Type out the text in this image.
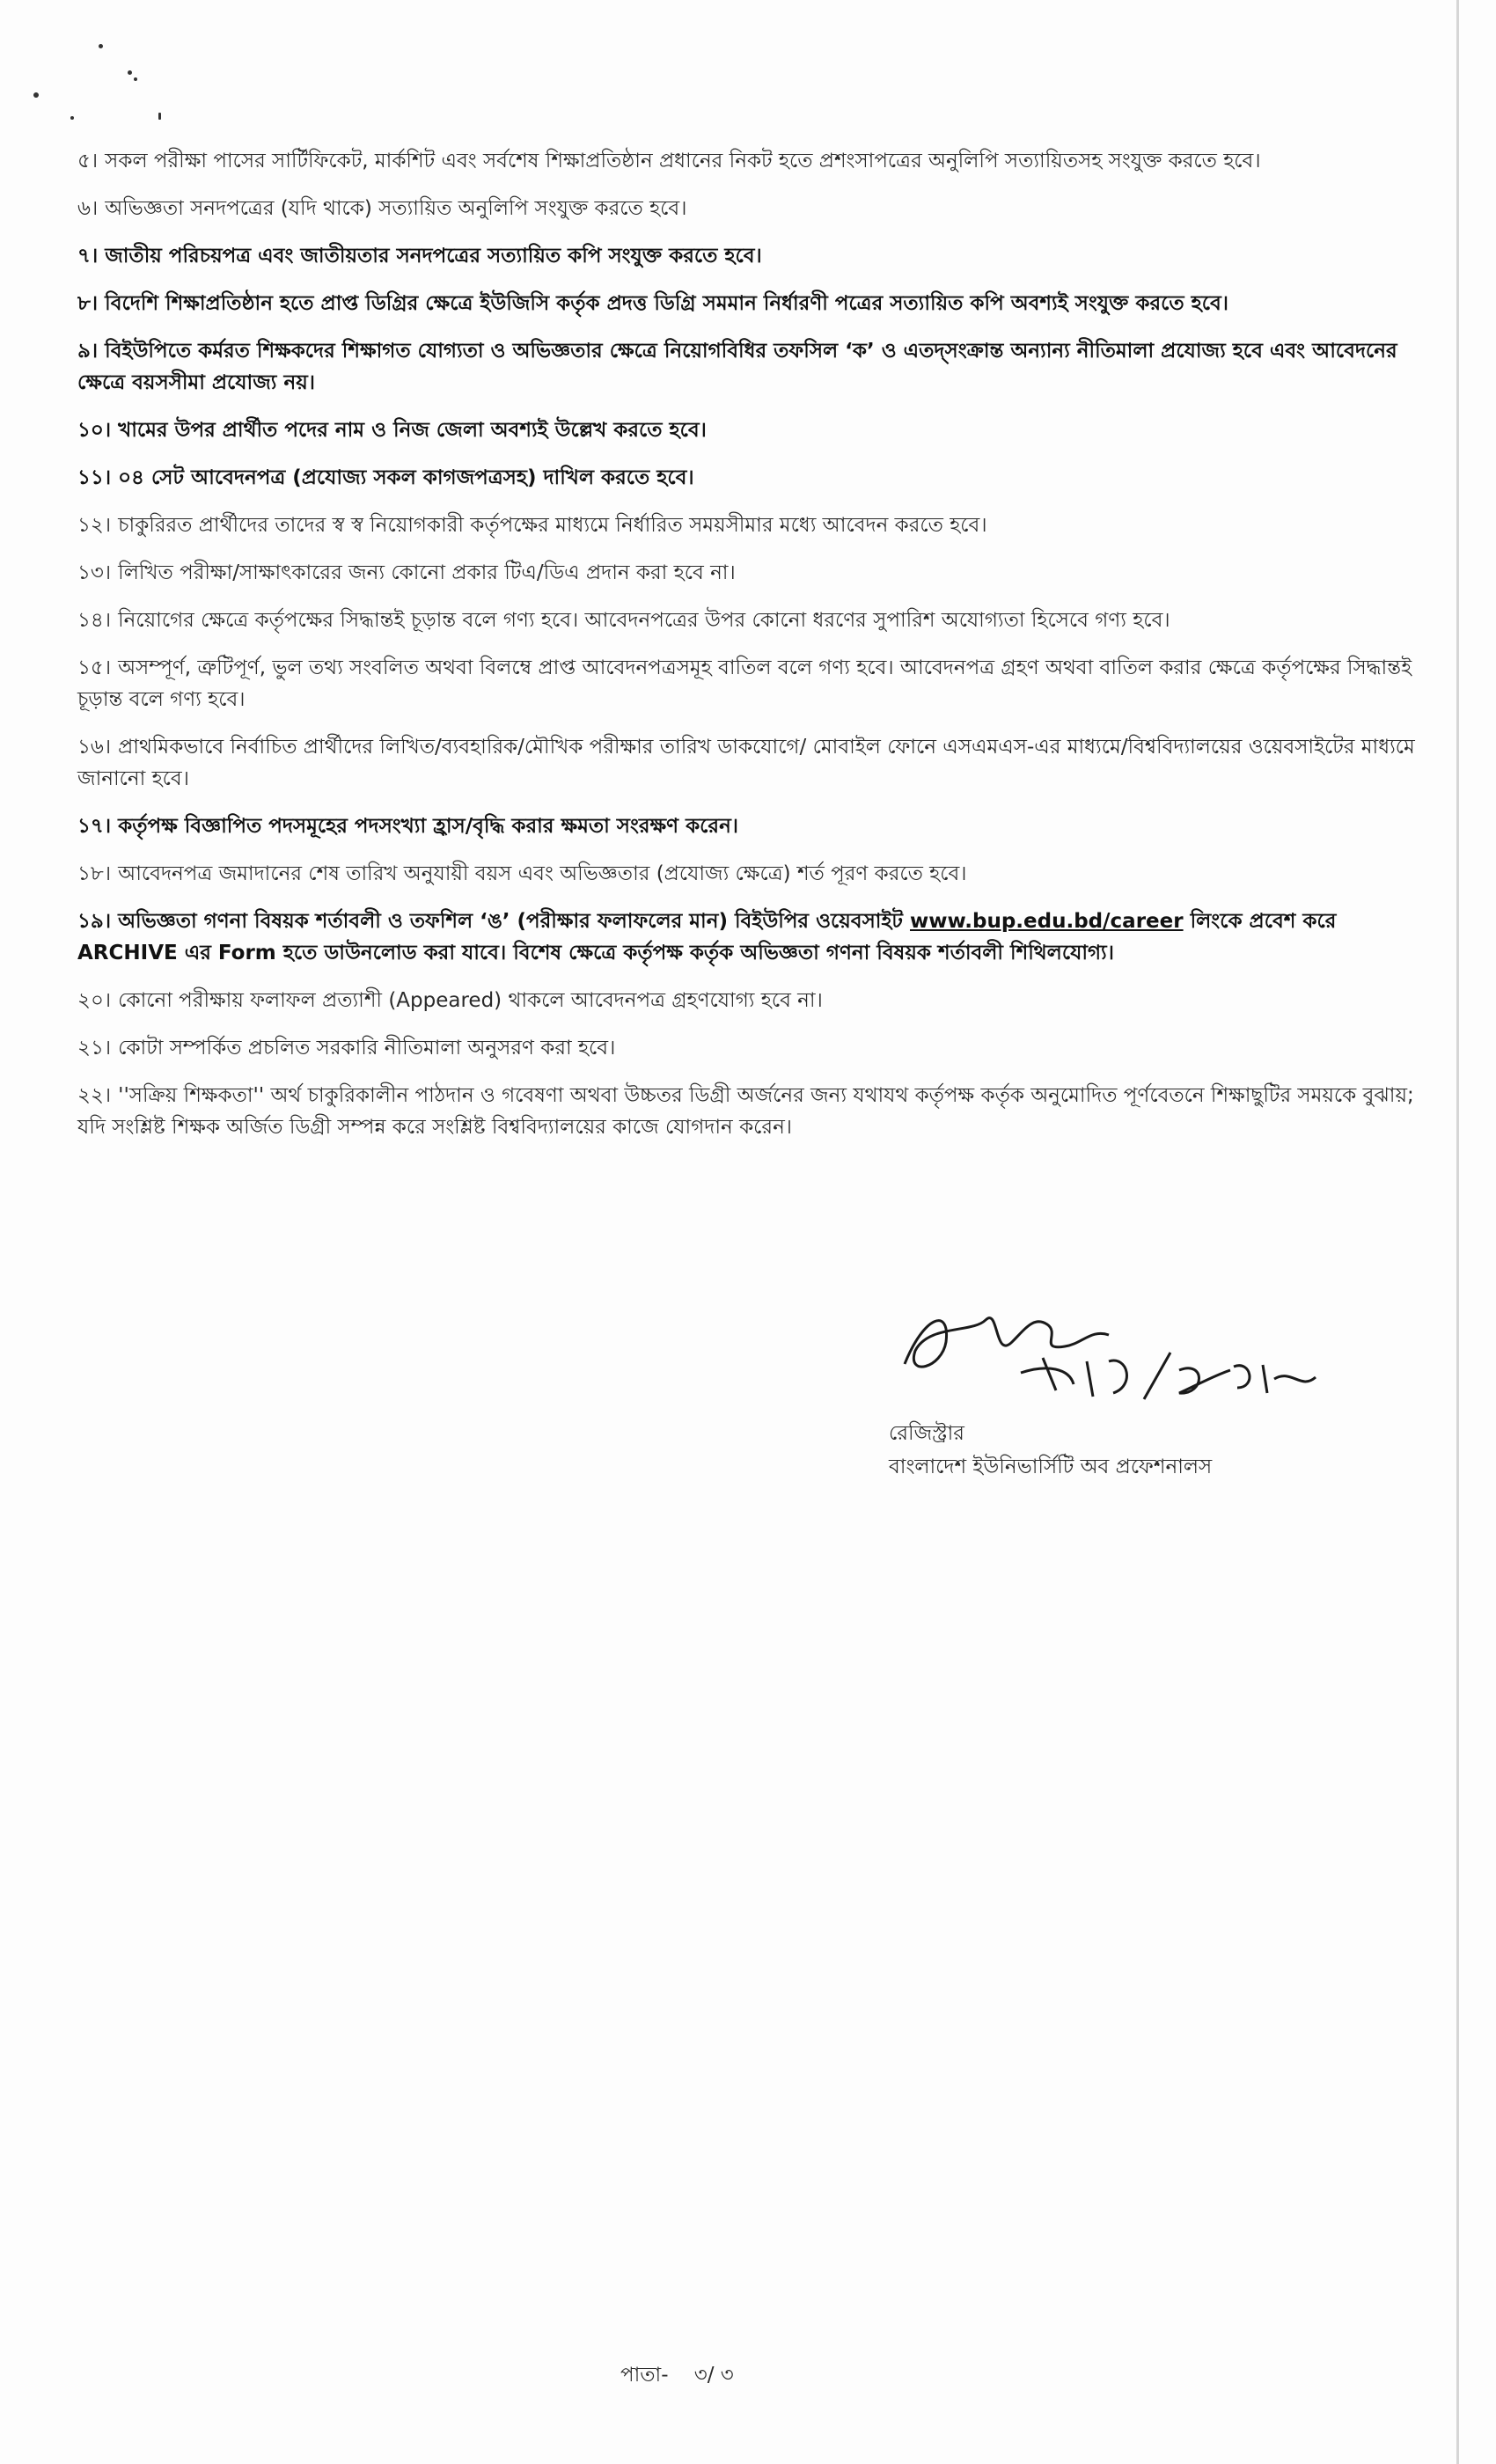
৫। সকল পরীক্ষা পাসের সার্টিফিকেট, মার্কশিট এবং সর্বশেষ শিক্ষাপ্রতিষ্ঠান প্রধানের নিকট হতে প্রশংসাপত্রের অনুলিপি সত্যায়িতসহ সংযুক্ত করতে হবে।
৬। অভিজ্ঞতা সনদপত্রের (যদি থাকে) সত্যায়িত অনুলিপি সংযুক্ত করতে হবে।
৭। জাতীয় পরিচয়পত্র এবং জাতীয়তার সনদপত্রের সত্যায়িত কপি সংযুক্ত করতে হবে।
৮। বিদেশি শিক্ষাপ্রতিষ্ঠান হতে প্রাপ্ত ডিগ্রির ক্ষেত্রে ইউজিসি কর্তৃক প্রদত্ত ডিগ্রি সমমান নির্ধারণী পত্রের সত্যায়িত কপি অবশ্যই সংযুক্ত করতে হবে।
৯। বিইউপিতে কর্মরত শিক্ষকদের শিক্ষাগত যোগ্যতা ও অভিজ্ঞতার ক্ষেত্রে নিয়োগবিধির তফসিল ‘ক’ ও এতদ্‌সংক্রান্ত অন্যান্য নীতিমালা প্রযোজ্য হবে এবং আবেদনের ক্ষেত্রে বয়সসীমা প্রযোজ্য নয়।
১০। খামের উপর প্রার্থীত পদের নাম ও নিজ জেলা অবশ্যই উল্লেখ করতে হবে।
১১। ০৪ সেট আবেদনপত্র (প্রযোজ্য সকল কাগজপত্রসহ) দাখিল করতে হবে।
১২। চাকুরিরত প্রার্থীদের তাদের স্ব স্ব নিয়োগকারী কর্তৃপক্ষের মাধ্যমে নির্ধারিত সময়সীমার মধ্যে আবেদন করতে হবে।
১৩। লিখিত পরীক্ষা/সাক্ষাৎকারের জন্য কোনো প্রকার টিএ/ডিএ প্রদান করা হবে না।
১৪। নিয়োগের ক্ষেত্রে কর্তৃপক্ষের সিদ্ধান্তই চূড়ান্ত বলে গণ্য হবে। আবেদনপত্রের উপর কোনো ধরণের সুপারিশ অযোগ্যতা হিসেবে গণ্য হবে।
১৫। অসম্পূর্ণ, ত্রুটিপূর্ণ, ভুল তথ্য সংবলিত অথবা বিলম্বে প্রাপ্ত আবেদনপত্রসমূহ বাতিল বলে গণ্য হবে। আবেদনপত্র গ্রহণ অথবা বাতিল করার ক্ষেত্রে কর্তৃপক্ষের সিদ্ধান্তই চূড়ান্ত বলে গণ্য হবে।
১৬। প্রাথমিকভাবে নির্বাচিত প্রার্থীদের লিখিত/ব্যবহারিক/মৌখিক পরীক্ষার তারিখ ডাকযোগে/ মোবাইল ফোনে এসএমএস-এর মাধ্যমে/বিশ্ববিদ্যালয়ের ওয়েবসাইটের মাধ্যমে জানানো হবে।
১৭। কর্তৃপক্ষ বিজ্ঞাপিত পদসমূহের পদসংখ্যা হ্রাস/বৃদ্ধি করার ক্ষমতা সংরক্ষণ করেন।
১৮। আবেদনপত্র জমাদানের শেষ তারিখ অনুযায়ী বয়স এবং অভিজ্ঞতার (প্রযোজ্য ক্ষেত্রে) শর্ত পূরণ করতে হবে।
১৯। অভিজ্ঞতা গণনা বিষয়ক শর্তাবলী ও তফশিল ‘ঙ’ (পরীক্ষার ফলাফলের মান) বিইউপির ওয়েবসাইট www.bup.edu.bd/career লিংকে প্রবেশ করে ARCHIVE এর Form হতে ডাউনলোড করা যাবে। বিশেষ ক্ষেত্রে কর্তৃপক্ষ কর্তৃক অভিজ্ঞতা গণনা বিষয়ক শর্তাবলী শিথিলযোগ্য।
২০। কোনো পরীক্ষায় ফলাফল প্রত্যাশী (Appeared) থাকলে আবেদনপত্র গ্রহণযোগ্য হবে না।
২১। কোটা সম্পর্কিত প্রচলিত সরকারি নীতিমালা অনুসরণ করা হবে।
২২। ''সক্রিয় শিক্ষকতা'' অর্থ চাকুরিকালীন পাঠদান ও গবেষণা অথবা উচ্চতর ডিগ্রী অর্জনের জন্য যথাযথ কর্তৃপক্ষ কর্তৃক অনুমোদিত পূর্ণবেতনে শিক্ষাছুটির সময়কে বুঝায়; যদি সংশ্লিষ্ট শিক্ষক অর্জিত ডিগ্রী সম্পন্ন করে সংশ্লিষ্ট বিশ্ববিদ্যালয়ের কাজে যোগদান করেন।
রেজিস্ট্রার
বাংলাদেশ ইউনিভার্সিটি অব প্রফেশনালস
পাতা- ৩/ ৩
